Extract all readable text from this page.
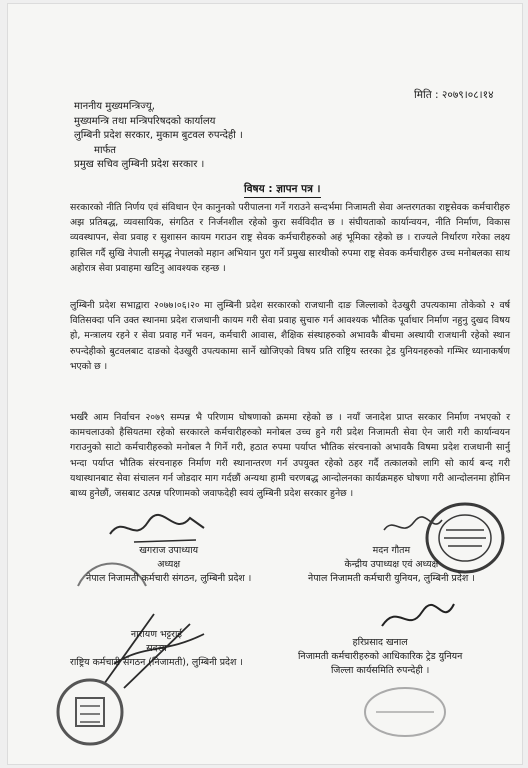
मिति : २०७९।०८।१४
माननीय मुख्यमन्त्रिज्यू,
मुख्यमन्त्रि तथा मन्त्रिपरिषदको कार्यालय
लुम्बिनी प्रदेश सरकार, मुकाम बुटवल रुपन्देही ।
मार्फत
प्रमुख सचिव लुम्बिनी प्रदेश सरकार ।
विषय : ज्ञापन पत्र ।

सरकारको नीति निर्णय एवं संविधान ऐन कानुनको परीपालना गर्ने गराउने सन्दर्भमा निजामती सेवा अन्तरगतका राष्ट्रसेवक कर्मचारीहरु अझ प्रतिबद्ध, व्यवसायिक, संगठित र निर्जनशील रहेको कुरा सर्वविदीत छ । संघीयताको कार्यान्वयन, नीति निर्माण, विकास व्यवस्थापन, सेवा प्रवाह र सुशासन कायम गराउन राष्ट्र सेवक कर्मचारीहरुको अहं भूमिका रहेको छ । राज्यले निर्धारण गरेका लक्ष्य हासिल गर्दै सुखि नेपाली समृद्ध नेपालको महान अभियान पुरा गर्ने प्रमुख सारथीको रुपमा राष्ट्र सेवक कर्मचारीहरु उच्च मनोबलका साथ अहोरात्र सेवा प्रवाहमा खटिनु आवश्यक रहन्छ ।

लुम्बिनी प्रदेश सभाद्वारा २०७७।०६।२० मा लुम्बिनी प्रदेश सरकारको राजधानी दाङ जिल्लाको देउखुरी उपत्यकामा तोकेको २ वर्ष वितिसक्दा पनि उक्त स्थानमा प्रदेश राजधानी कायम गरी सेवा प्रवाह सुचारु गर्न आवश्यक भौतिक पूर्वाधार निर्माण नहुनु दुखद विषय हो, मन्त्रालय रहने र सेवा प्रवाह गर्ने भवन, कर्मचारी आवास, शैक्षिक संस्थाहरुको अभावकै बीचमा अस्थायी राजधानी रहेको स्थान रुपन्देहीको बुटवलबाट दाङको देउखुरी उपत्यकामा सार्ने खोजिएको विषय प्रति राष्ट्रिय स्तरका ट्रेड युनियनहरुको गम्भिर ध्यानाकर्षण भएको छ ।

भर्खरै आम निर्वाचन २०७९ सम्पन्न भै परिणाम घोषणाको क्रममा रहेको छ । नयाँ जनादेश प्राप्त सरकार निर्माण नभएको र कामचलाउको हैसियतमा रहेको सरकारले कर्मचारीहरुको मनोबल उच्च हुने गरी प्रदेश निजामती सेवा ऐन जारी गरी कार्यान्वयन गराउनुको साटो कर्मचारीहरुको मनोबल नै गिर्ने गरी, हठात रुपमा पर्याप्त भौतिक संरचनाको अभावकै विषमा प्रदेश राजधानी सार्नु भन्दा पर्याप्त भौतिक संरचनाहरु निर्माण गरी स्थानान्तरण गर्न उपयुक्त रहेको ठहर गर्दै तत्कालको लागि सो कार्य बन्द गरी यथास्थानबाट सेवा संचालन गर्न जोडदार माग गर्दछौं अन्यथा हामी चरणबद्ध आन्दोलनका कार्यक्रमहरु घोषणा गरी आन्दोलनमा होमिन बाध्य हुनेछौं, जसबाट उत्पन्न परिणामको जवाफदेही स्वयं लुम्बिनी प्रदेश सरकार हुनेछ ।

खगराज उपाध्याय
अध्यक्ष
नेपाल निजामती कर्मचारी संगठन, लुम्बिनी प्रदेश ।
मदन गौतम
केन्द्रीय उपाध्यक्ष एवं अध्यक्ष
नेपाल निजामती कर्मचारी युनियन, लुम्बिनी प्रदेश ।
नारायण भट्टराई
सदस्य
राष्ट्रिय कर्मचारी संगठन (निजामती), लुम्बिनी प्रदेश ।
हरिप्रसाद खनाल
निजामती कर्मचारीहरुको आधिकारिक ट्रेड युनियन
जिल्ला कार्यसमिति रुपन्देही ।
